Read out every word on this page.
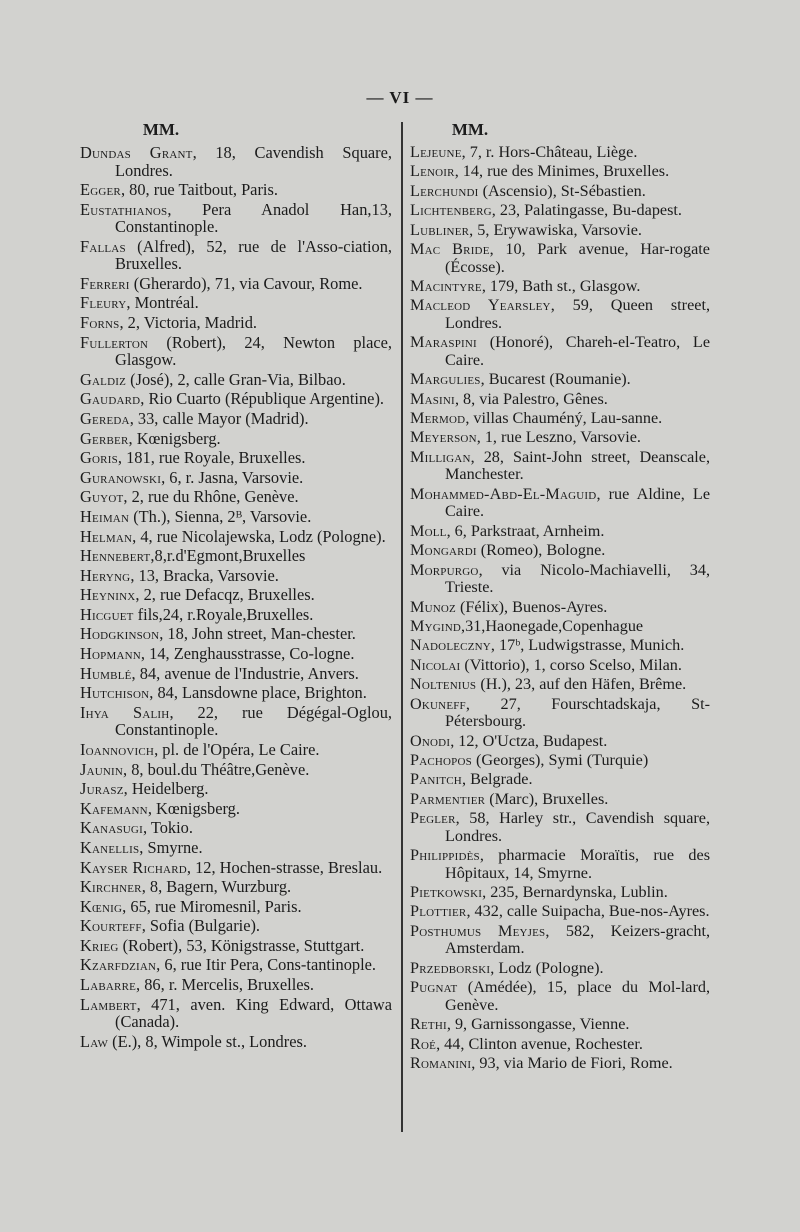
— VI —
MM.

Dundas Grant, 18, Cavendish Square, Londres.

Egger, 80, rue Taitbout, Paris.

Eustathianos, Pera Anadol Han,13, Constantinople.

Fallas (Alfred), 52, rue de l'Asso-ciation, Bruxelles.

Ferreri (Gherardo), 71, via Cavour, Rome.

Fleury, Montréal.

Forns, 2, Victoria, Madrid.

Fullerton (Robert), 24, Newton place, Glasgow.

Galdiz (José), 2, calle Gran-Via, Bilbao.

Gaudard, Rio Cuarto (République Argentine).

Gereda, 33, calle Mayor (Madrid).

Gerber, Kœnigsberg.

Goris, 181, rue Royale, Bruxelles.

Guranowski, 6, r. Jasna, Varsovie.

Guyot, 2, rue du Rhône, Genève.

Heiman (Th.), Sienna, 2ᴮ, Varsovie.

Helman, 4, rue Nicolajewska, Lodz (Pologne).

Hennebert,8,r.d'Egmont,Bruxelles

Heryng, 13, Bracka, Varsovie.

Heyninx, 2, rue Defacqz, Bruxelles.

Hicguet fils,24, r.Royale,Bruxelles.

Hodgkinson, 18, John street, Man-chester.

Hopmann, 14, Zenghausstrasse, Co-logne.

Humblé, 84, avenue de l'Industrie, Anvers.

Hutchison, 84, Lansdowne place, Brighton.

Ihya Salih, 22, rue Dégégal-Oglou, Constantinople.

Ioannovich, pl. de l'Opéra, Le Caire.

Jaunin, 8, boul.du Théâtre,Genève.

Jurasz, Heidelberg.

Kafemann, Kœnigsberg.

Kanasugi, Tokio.

Kanellis, Smyrne.

Kayser Richard, 12, Hochen-strasse, Breslau.

Kirchner, 8, Bagern, Wurzburg.

Kœnig, 65, rue Miromesnil, Paris.

Kourteff, Sofia (Bulgarie).

Krieg (Robert), 53, Königstrasse, Stuttgart.

Kzarfdzian, 6, rue Itir Pera, Cons-tantinople.

Labarre, 86, r. Mercelis, Bruxelles.

Lambert, 471, aven. King Edward, Ottawa (Canada).

Law (E.), 8, Wimpole st., Londres.

MM.

Lejeune, 7, r. Hors-Château, Liège.

Lenoir, 14, rue des Minimes, Bruxelles.

Lerchundi (Ascensio), St-Sébastien.

Lichtenberg, 23, Palatingasse, Bu-dapest.

Lubliner, 5, Erywawiska, Varsovie.

Mac Bride, 10, Park avenue, Har-rogate (Écosse).

Macintyre, 179, Bath st., Glasgow.

Macleod Yearsley, 59, Queen street, Londres.

Maraspini (Honoré), Chareh-el-Teatro, Le Caire.

Margulies, Bucarest (Roumanie).

Masini, 8, via Palestro, Gênes.

Mermod, villas Chauméný, Lau-sanne.

Meyerson, 1, rue Leszno, Varsovie.

Milligan, 28, Saint-John street, Deanscale, Manchester.

Mohammed-Abd-El-Maguid, rue Aldine, Le Caire.

Moll, 6, Parkstraat, Arnheim.

Mongardi (Romeo), Bologne.

Morpurgo, via Nicolo-Machiavelli, 34, Trieste.

Munoz (Félix), Buenos-Ayres.

Mygind,31,Haonegade,Copenhague

Nadoleczny, 17ᵇ, Ludwigstrasse, Munich.

Nicolai (Vittorio), 1, corso Scelso, Milan.

Noltenius (H.), 23, auf den Häfen, Brême.

Okuneff, 27, Fourschtadskaja, St-Pétersbourg.

Onodi, 12, O'Uctza, Budapest.

Pachopos (Georges), Symi (Turquie)

Panitch, Belgrade.

Parmentier (Marc), Bruxelles.

Pegler, 58, Harley str., Cavendish square, Londres.

Philippidès, pharmacie Moraïtis, rue des Hôpitaux, 14, Smyrne.

Pietkowski, 235, Bernardynska, Lublin.

Plottier, 432, calle Suipacha, Bue-nos-Ayres.

Posthumus Meyjes, 582, Keizers-gracht, Amsterdam.

Przedborski, Lodz (Pologne).

Pugnat (Amédée), 15, place du Mol-lard, Genève.

Rethi, 9, Garnissongasse, Vienne.

Roé, 44, Clinton avenue, Rochester.

Romanini, 93, via Mario de Fiori, Rome.
